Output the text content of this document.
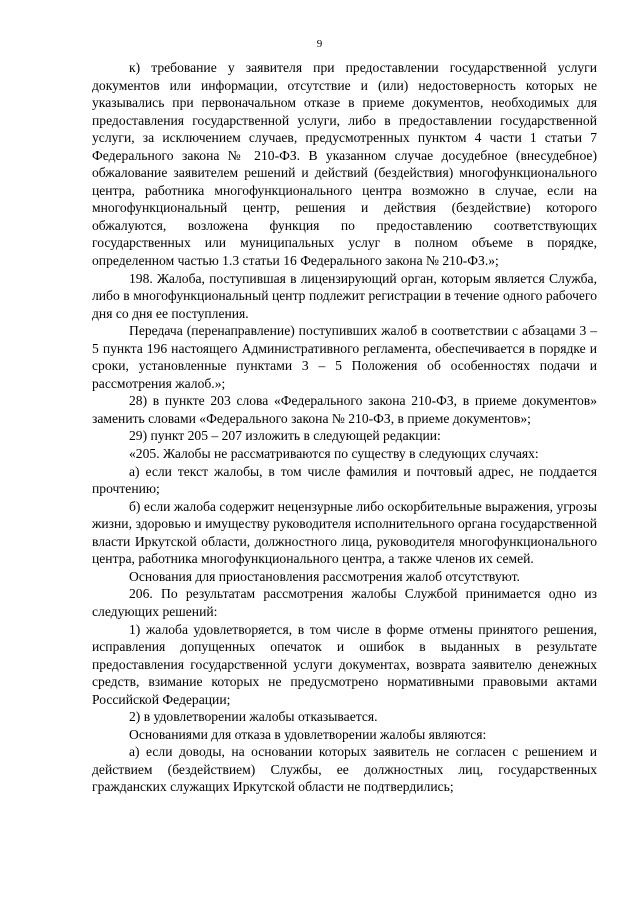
9

к) требование у заявителя при предоставлении государственной услуги документов или информации, отсутствие и (или) недостоверность которых не указывались при первоначальном отказе в приеме документов, необходимых для предоставления государственной услуги, либо в предоставлении государственной услуги, за исключением случаев, предусмотренных пунктом 4 части 1 статьи 7 Федерального закона № 210-ФЗ. В указанном случае досудебное (внесудебное) обжалование заявителем решений и действий (бездействия) многофункционального центра, работника многофункционального центра возможно в случае, если на многофункциональный центр, решения и действия (бездействие) которого обжалуются, возложена функция по предоставлению соответствующих государственных или муниципальных услуг в полном объеме в порядке, определенном частью 1.3 статьи 16 Федерального закона № 210-ФЗ.»;

198. Жалоба, поступившая в лицензирующий орган, которым является Служба, либо в многофункциональный центр подлежит регистрации в течение одного рабочего дня со дня ее поступления.

Передача (перенаправление) поступивших жалоб в соответствии с абзацами 3 – 5 пункта 196 настоящего Административного регламента, обеспечивается в порядке и сроки, установленные пунктами 3 – 5 Положения об особенностях подачи и рассмотрения жалоб.»;

28) в пункте 203 слова «Федерального закона 210-ФЗ, в приеме документов» заменить словами «Федерального закона № 210-ФЗ, в приеме документов»;

29) пункт 205 – 207 изложить в следующей редакции:

«205. Жалобы не рассматриваются по существу в следующих случаях:

а) если текст жалобы, в том числе фамилия и почтовый адрес, не поддается прочтению;

б) если жалоба содержит нецензурные либо оскорбительные выражения, угрозы жизни, здоровью и имуществу руководителя исполнительного органа государственной власти Иркутской области, должностного лица, руководителя многофункционального центра, работника многофункционального центра, а также членов их семей.

Основания для приостановления рассмотрения жалоб отсутствуют.

206. По результатам рассмотрения жалобы Службой принимается одно из следующих решений:

1) жалоба удовлетворяется, в том числе в форме отмены принятого решения, исправления допущенных опечаток и ошибок в выданных в результате предоставления государственной услуги документах, возврата заявителю денежных средств, взимание которых не предусмотрено нормативными правовыми актами Российской Федерации;

2) в удовлетворении жалобы отказывается.

Основаниями для отказа в удовлетворении жалобы являются:

а) если доводы, на основании которых заявитель не согласен с решением и действием (бездействием) Службы, ее должностных лиц, государственных гражданских служащих Иркутской области не подтвердились;
